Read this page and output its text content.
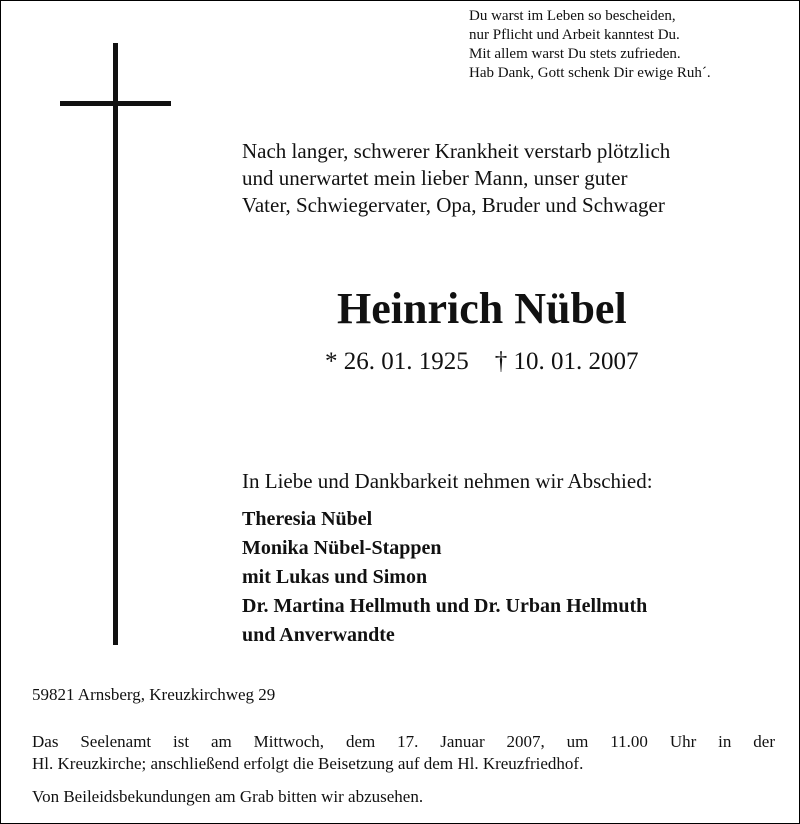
Du warst im Leben so bescheiden,
nur Pflicht und Arbeit kanntest Du.
Mit allem warst Du stets zufrieden.
Hab Dank, Gott schenk Dir ewige Ruh´.
Nach langer, schwerer Krankheit verstarb plötzlich
und unerwartet mein lieber Mann, unser guter
Vater, Schwiegervater, Opa, Bruder und Schwager
Heinrich Nübel
* 26. 01. 1925 † 10. 01. 2007
In Liebe und Dankbarkeit nehmen wir Abschied:
Theresia Nübel
Monika Nübel-Stappen
mit Lukas und Simon
Dr. Martina Hellmuth und Dr. Urban Hellmuth
und Anverwandte
59821 Arnsberg, Kreuzkirchweg 29
Das Seelenamt ist am Mittwoch, dem 17. Januar 2007, um 11.00 Uhr in der
Hl. Kreuzkirche; anschließend erfolgt die Beisetzung auf dem Hl. Kreuzfriedhof.
Von Beileidsbekundungen am Grab bitten wir abzusehen.
